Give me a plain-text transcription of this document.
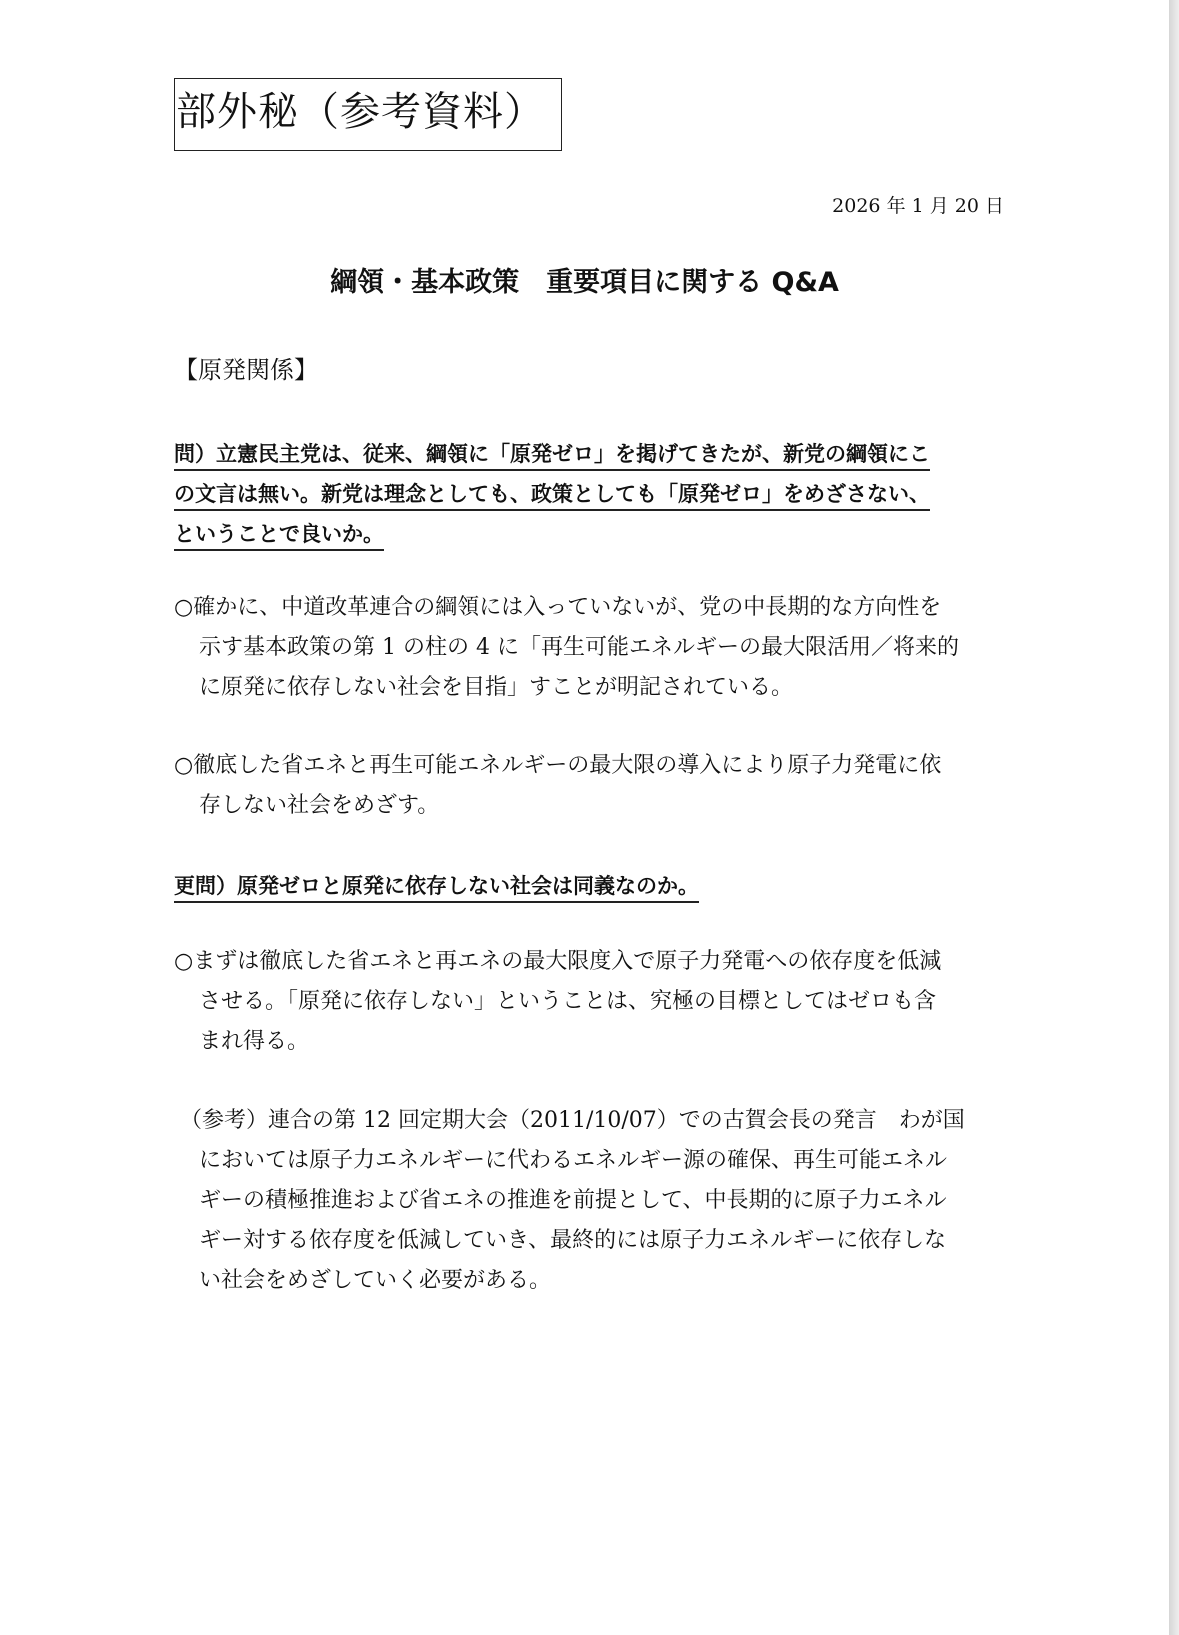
部外秘（参考資料）
2026 年 1 月 20 日
綱領・基本政策　重要項目に関する Q&A
【原発関係】
問）立憲民主党は、従来、綱領に「原発ゼロ」を掲げてきたが、新党の綱領にこ
の文言は無い。新党は理念としても、政策としても「原発ゼロ」をめざさない、
ということで良いか。
○確かに、中道改革連合の綱領には入っていないが、党の中長期的な方向性を
示す基本政策の第 1 の柱の 4 に「再生可能エネルギーの最大限活用／将来的
に原発に依存しない社会を目指」すことが明記されている。
○徹底した省エネと再生可能エネルギーの最大限の導入により原子力発電に依
存しない社会をめざす。
更問）原発ゼロと原発に依存しない社会は同義なのか。
○まずは徹底した省エネと再エネの最大限度入で原子力発電への依存度を低減
させる。「原発に依存しない」ということは、究極の目標としてはゼロも含
まれ得る。
（参考）連合の第 12 回定期大会（2011/10/07）での古賀会長の発言　わが国
においては原子力エネルギーに代わるエネルギー源の確保、再生可能エネル
ギーの積極推進および省エネの推進を前提として、中長期的に原子力エネル
ギー対する依存度を低減していき、最終的には原子力エネルギーに依存しな
い社会をめざしていく必要がある。
